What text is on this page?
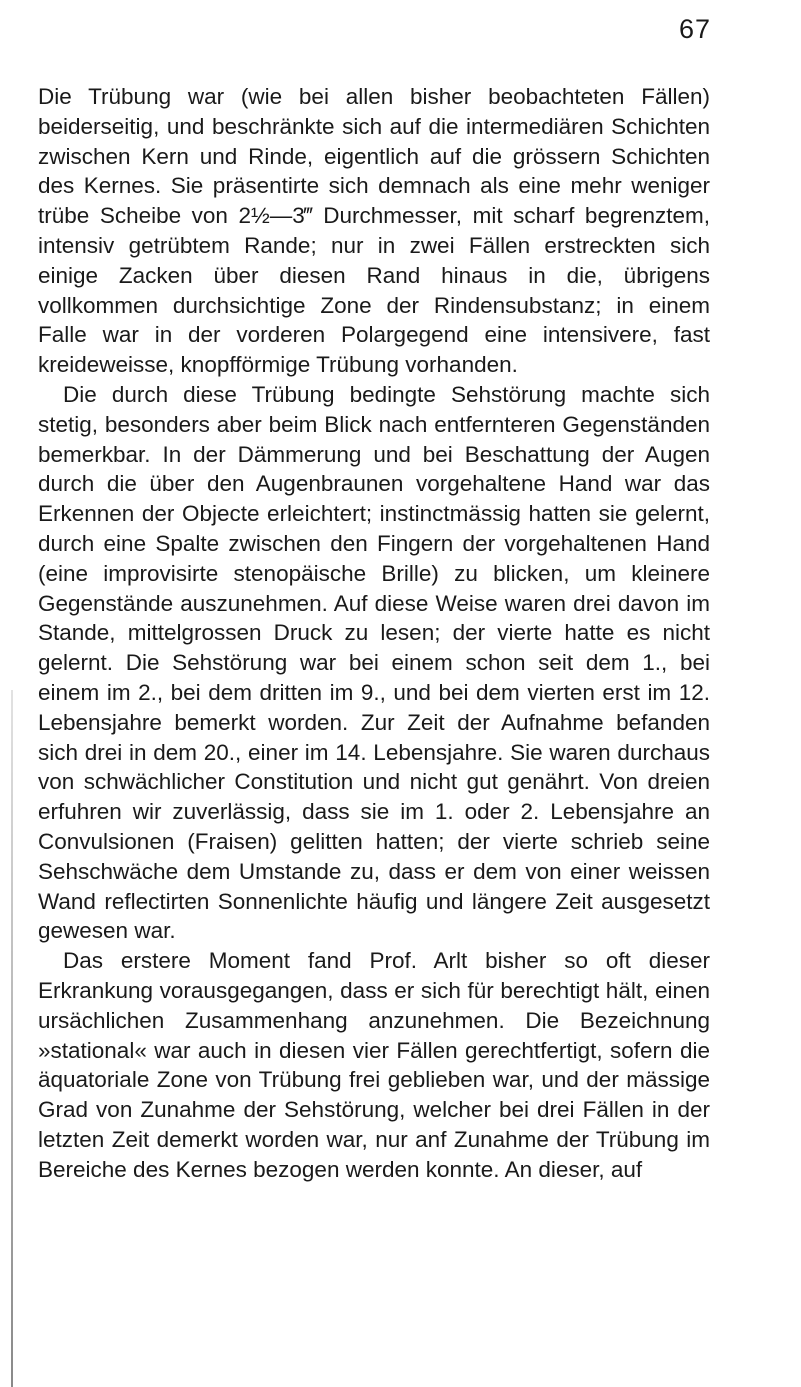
67

Die Trübung war (wie bei allen bisher beobachteten Fällen) beiderseitig, und beschränkte sich auf die intermediären Schichten zwischen Kern und Rinde, eigentlich auf die grössern Schichten des Kernes. Sie präsentirte sich demnach als eine mehr weniger trübe Scheibe von 2½—3‴ Durchmesser, mit scharf begrenztem, intensiv getrübtem Rande; nur in zwei Fällen erstreckten sich einige Zacken über diesen Rand hinaus in die, übrigens vollkommen durchsichtige Zone der Rindensubstanz; in einem Falle war in der vorderen Polargegend eine intensivere, fast kreideweisse, knopfförmige Trübung vorhanden.

Die durch diese Trübung bedingte Sehstörung machte sich stetig, besonders aber beim Blick nach entfernteren Gegenständen bemerkbar. In der Dämmerung und bei Beschattung der Augen durch die über den Augenbraunen vorgehaltene Hand war das Erkennen der Objecte erleichtert; instinctmässig hatten sie gelernt, durch eine Spalte zwischen den Fingern der vorgehaltenen Hand (eine improvisirte stenopäische Brille) zu blicken, um kleinere Gegenstände auszunehmen. Auf diese Weise waren drei davon im Stande, mittelgrossen Druck zu lesen; der vierte hatte es nicht gelernt. Die Sehstörung war bei einem schon seit dem 1., bei einem im 2., bei dem dritten im 9., und bei dem vierten erst im 12. Lebensjahre bemerkt worden. Zur Zeit der Aufnahme befanden sich drei in dem 20., einer im 14. Lebensjahre. Sie waren durchaus von schwächlicher Constitution und nicht gut genährt. Von dreien erfuhren wir zuverlässig, dass sie im 1. oder 2. Lebensjahre an Convulsionen (Fraisen) gelitten hatten; der vierte schrieb seine Sehschwäche dem Umstande zu, dass er dem von einer weissen Wand reflectirten Sonnenlichte häufig und längere Zeit ausgesetzt gewesen war.

Das erstere Moment fand Prof. Arlt bisher so oft dieser Erkrankung vorausgegangen, dass er sich für berechtigt hält, einen ursächlichen Zusammenhang anzunehmen. Die Bezeichnung »stational« war auch in diesen vier Fällen gerechtfertigt, sofern die äquatoriale Zone von Trübung frei geblieben war, und der mässige Grad von Zunahme der Sehstörung, welcher bei drei Fällen in der letzten Zeit demerkt worden war, nur anf Zunahme der Trübung im Bereiche des Kernes bezogen werden konnte. An dieser, auf
